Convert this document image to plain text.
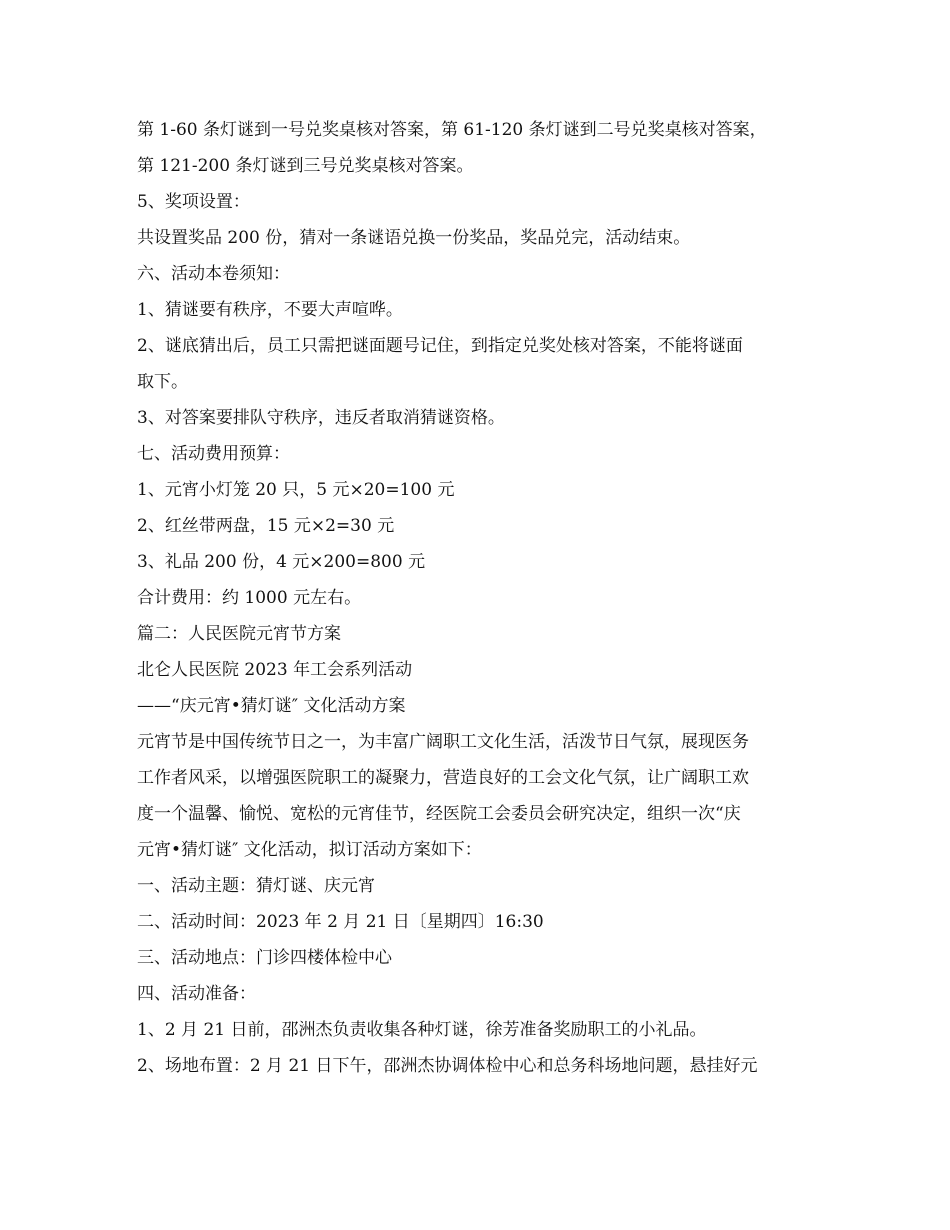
第 1-60 条灯谜到一号兑奖桌核对答案，第 61-120 条灯谜到二号兑奖桌核对答案，
第 121-200 条灯谜到三号兑奖桌核对答案。
5、奖项设置：
共设置奖品 200 份，猜对一条谜语兑换一份奖品，奖品兑完，活动结束。
六、活动本卷须知：
1、猜谜要有秩序，不要大声喧哗。
2、谜底猜出后，员工只需把谜面题号记住，到指定兑奖处核对答案，不能将谜面
取下。
3、对答案要排队守秩序，违反者取消猜谜资格。
七、活动费用预算：
1、元宵小灯笼 20 只，5 元×20=100 元
2、红丝带两盘，15 元×2=30 元
3、礼品 200 份，4 元×200=800 元
合计费用：约 1000 元左右。
篇二：人民医院元宵节方案
北仑人民医院 2023 年工会系列活动
——“庆元宵•猜灯谜″ 文化活动方案
元宵节是中国传统节日之一，为丰富广阔职工文化生活，活泼节日气氛，展现医务
工作者风采，以增强医院职工的凝聚力，营造良好的工会文化气氛，让广阔职工欢
度一个温馨、愉悦、宽松的元宵佳节，经医院工会委员会研究决定，组织一次“庆
元宵•猜灯谜″ 文化活动，拟订活动方案如下：
一、活动主题：猜灯谜、庆元宵
二、活动时间：2023 年 2 月 21 日〔星期四〕16:30
三、活动地点：门诊四楼体检中心
四、活动准备：
1、2 月 21 日前，邵洲杰负责收集各种灯谜，徐芳准备奖励职工的小礼品。
2、场地布置：2 月 21 日下午，邵洲杰协调体检中心和总务科场地问题，悬挂好元
